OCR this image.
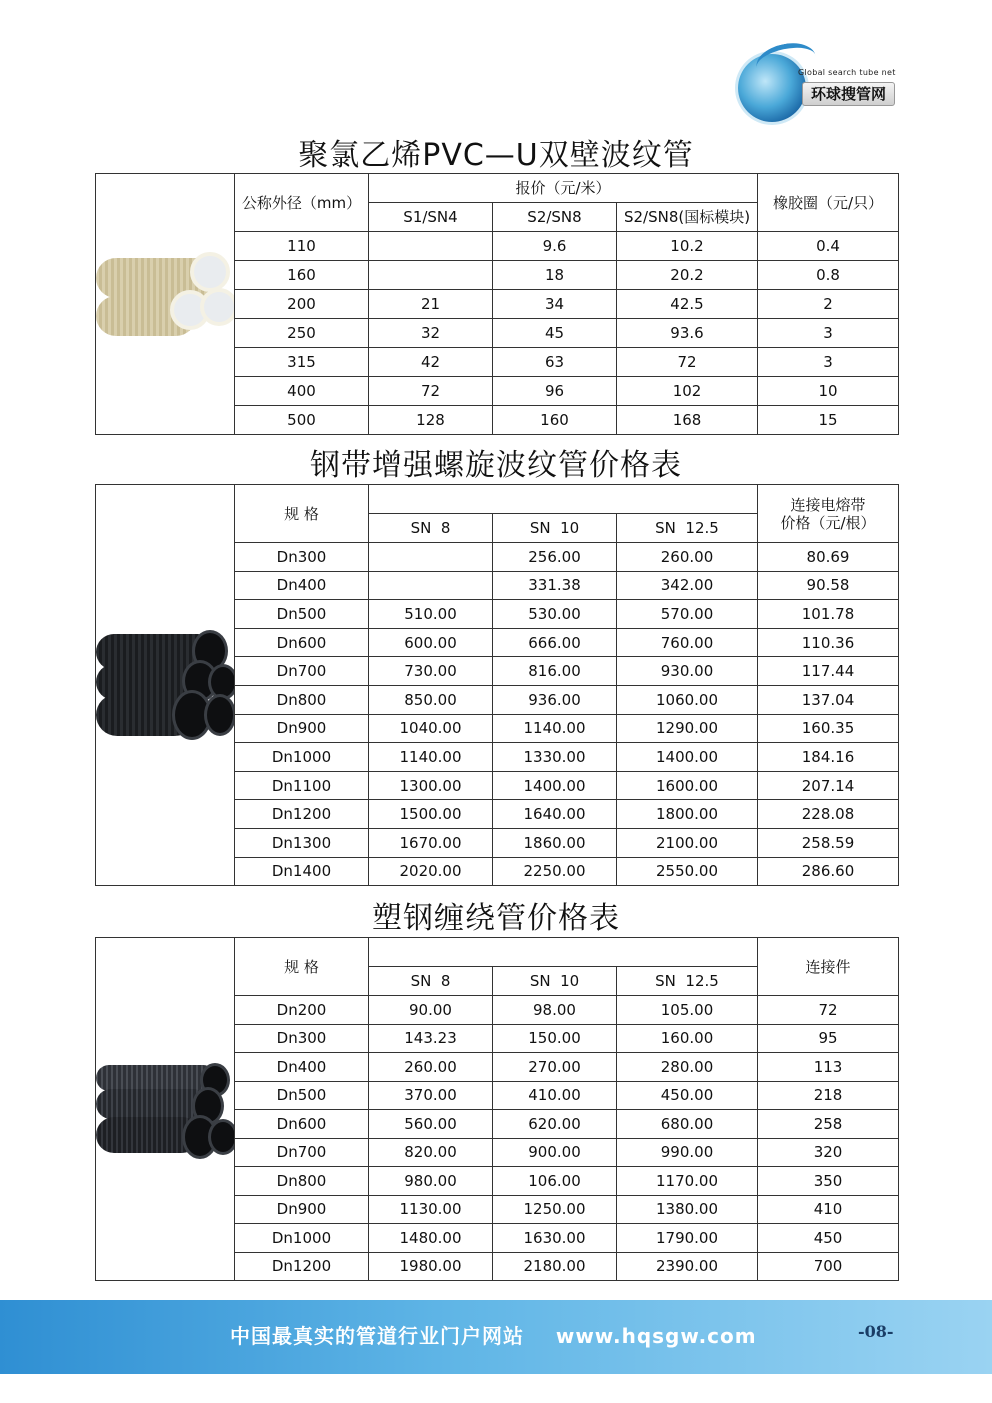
Global search tube net
环球搜管网
聚氯乙烯PVC—U双壁波纹管
	公称外径（mm）	报价（元/米）			橡胶圈（元/只）
		S1/SN4	S2/SN8	S2/SN8(国标模块)	
	110		9.6	10.2	0.4
	160		18	20.2	0.8
	200	21	34	42.5	2
	250	32	45	93.6	3
	315	42	63	72	3
	400	72	96	102	10
	500	128	160	168	15
钢带增强螺旋波纹管价格表
	规 格				连接电熔带
价格（元/根）
		SN  8	SN  10	SN  12.5	
	Dn300		256.00	260.00	80.69
	Dn400		331.38	342.00	90.58
	Dn500	510.00	530.00	570.00	101.78
	Dn600	600.00	666.00	760.00	110.36
	Dn700	730.00	816.00	930.00	117.44
	Dn800	850.00	936.00	1060.00	137.04
	Dn900	1040.00	1140.00	1290.00	160.35
	Dn1000	1140.00	1330.00	1400.00	184.16
	Dn1100	1300.00	1400.00	1600.00	207.14
	Dn1200	1500.00	1640.00	1800.00	228.08
	Dn1300	1670.00	1860.00	2100.00	258.59
	Dn1400	2020.00	2250.00	2550.00	286.60
塑钢缠绕管价格表
	规 格				连接件
		SN  8	SN  10	SN  12.5	
	Dn200	90.00	98.00	105.00	72
	Dn300	143.23	150.00	160.00	95
	Dn400	260.00	270.00	280.00	113
	Dn500	370.00	410.00	450.00	218
	Dn600	560.00	620.00	680.00	258
	Dn700	820.00	900.00	990.00	320
	Dn800	980.00	106.00	1170.00	350
	Dn900	1130.00	1250.00	1380.00	410
	Dn1000	1480.00	1630.00	1790.00	450
	Dn1200	1980.00	2180.00	2390.00	700
中国最真实的管道行业门户网站    www.hqsgw.com	-08-
